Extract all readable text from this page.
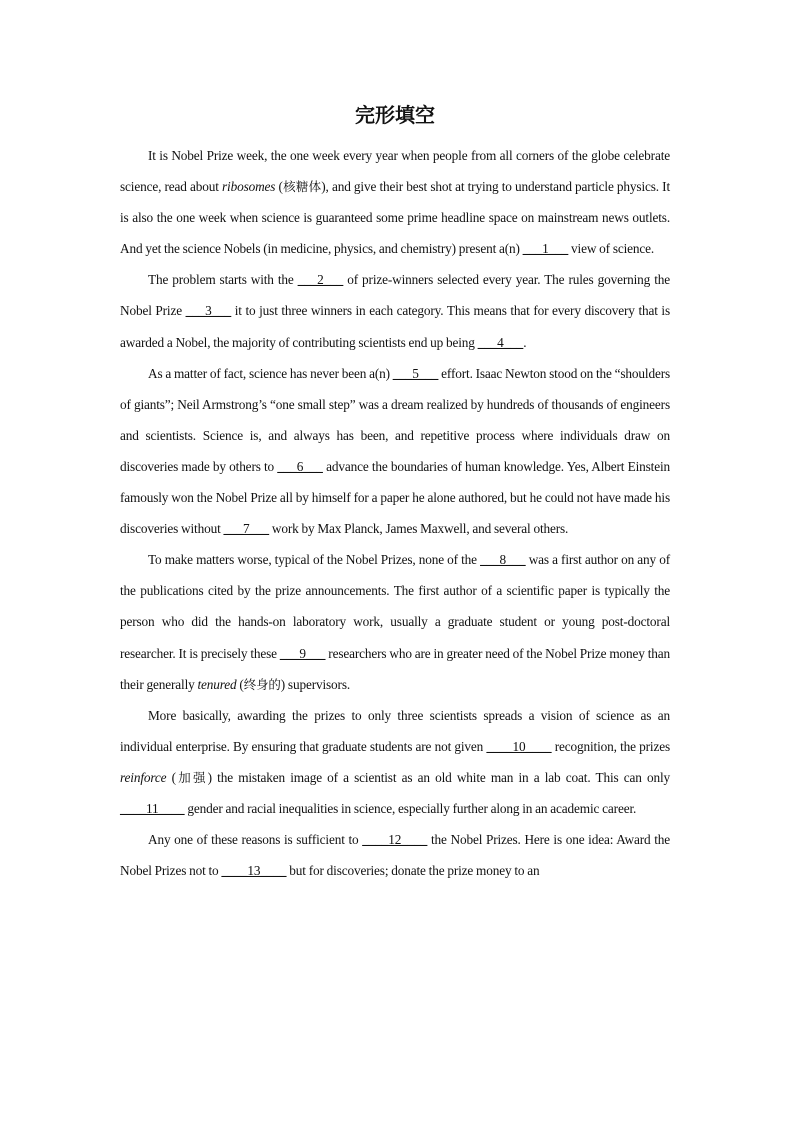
完形填空

It is Nobel Prize week, the one week every year when people from all corners of the globe celebrate science, read about ribosomes (核糖体), and give their best shot at trying to understand particle physics. It is also the one week when science is guaranteed some prime headline space on mainstream news outlets. And yet the science Nobels (in medicine, physics, and chemistry) present a(n) ___1___ view of science.

The problem starts with the ___2___ of prize-winners selected every year. The rules governing the Nobel Prize ___3___ it to just three winners in each category. This means that for every discovery that is awarded a Nobel, the majority of contributing scientists end up being ___4___.

As a matter of fact, science has never been a(n) ___5___ effort. Isaac Newton stood on the “shoulders of giants”; Neil Armstrong’s “one small step” was a dream realized by hundreds of thousands of engineers and scientists. Science is, and always has been, and repetitive process where individuals draw on discoveries made by others to ___6___ advance the boundaries of human knowledge. Yes, Albert Einstein famously won the Nobel Prize all by himself for a paper he alone authored, but he could not have made his discoveries without ___7___ work by Max Planck, James Maxwell, and several others.

To make matters worse, typical of the Nobel Prizes, none of the ___8___ was a first author on any of the publications cited by the prize announcements. The first author of a scientific paper is typically the person who did the hands-on laboratory work, usually a graduate student or young post-doctoral researcher. It is precisely these ___9___ researchers who are in greater need of the Nobel Prize money than their generally tenured (终身的) supervisors.

More basically, awarding the prizes to only three scientists spreads a vision of science as an individual enterprise. By ensuring that graduate students are not given ____10____ recognition, the prizes reinforce (加强) the mistaken image of a scientist as an old white man in a lab coat. This can only ____11____ gender and racial inequalities in science, especially further along in an academic career.

Any one of these reasons is sufficient to ____12____ the Nobel Prizes. Here is one idea: Award the Nobel Prizes not to ____13____ but for discoveries; donate the prize money to an
